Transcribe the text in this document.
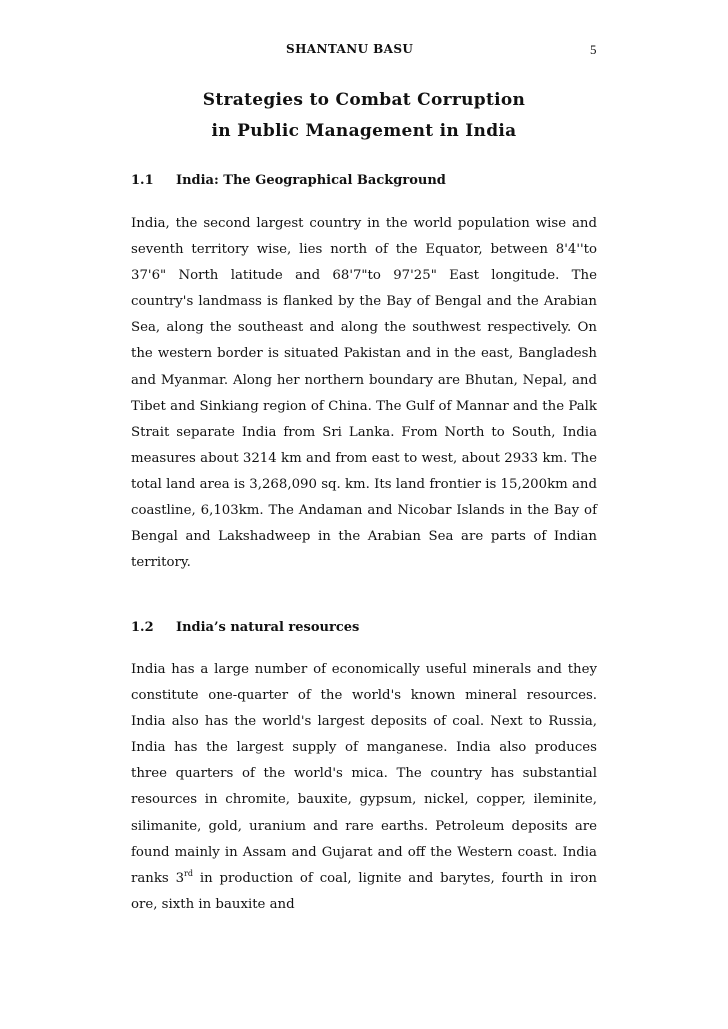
SHANTANU BASU	5
Strategies to Combat Corruption
in Public Management in India
1.1 India: The Geographical Background

India, the second largest country in the world population wise and seventh territory wise, lies north of the Equator, between 8'4''to 37'6" North latitude and 68'7"to 97'25" East longitude. The country's landmass is flanked by the Bay of Bengal and the Arabian Sea, along the southeast and along the southwest respectively. On the western border is situated Pakistan and in the east, Bangladesh and Myanmar. Along her northern boundary are Bhutan, Nepal, and Tibet and Sinkiang region of China. The Gulf of Mannar and the Palk Strait separate India from Sri Lanka. From North to South, India measures about 3214 km and from east to west, about 2933 km. The total land area is 3,268,090 sq. km. Its land frontier is 15,200km and coastline, 6,103km. The Andaman and Nicobar Islands in the Bay of Bengal and Lakshadweep in the Arabian Sea are parts of Indian territory.

1.2 India’s natural resources

India has a large number of economically useful minerals and they constitute one-quarter of the world's known mineral resources. India also has the world's largest deposits of coal. Next to Russia, India has the largest supply of manganese. India also produces three quarters of the world's mica. The country has substantial resources in chromite, bauxite, gypsum, nickel, copper, ileminite, silimanite, gold, uranium and rare earths. Petroleum deposits are found mainly in Assam and Gujarat and off the Western coast. India ranks 3rd in production of coal, lignite and barytes, fourth in iron ore, sixth in bauxite and
